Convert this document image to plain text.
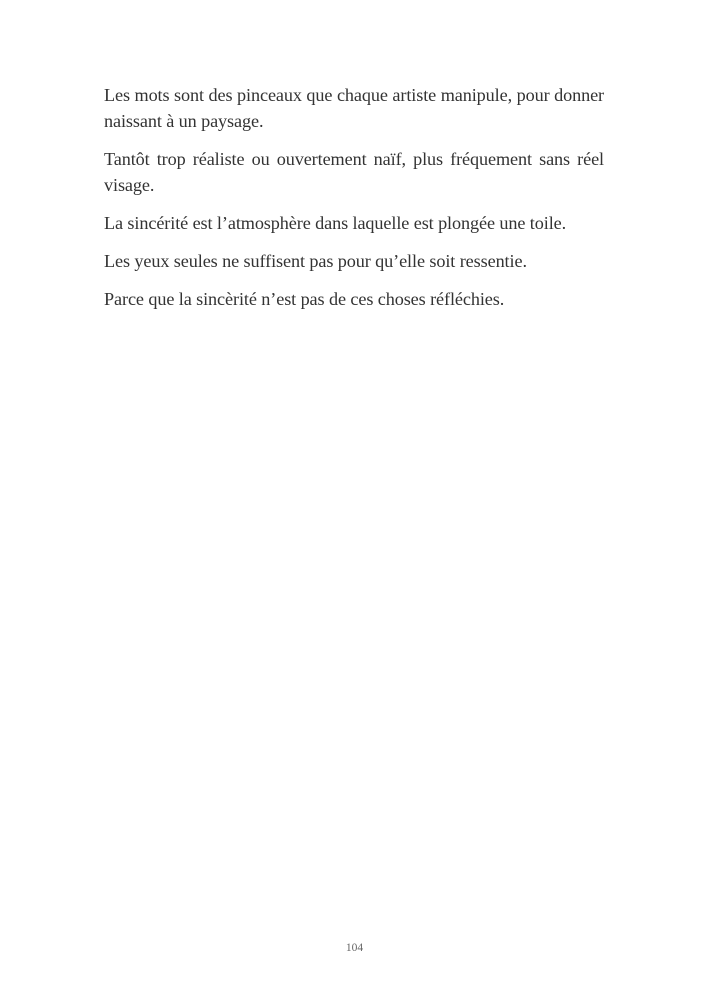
Les mots sont des pinceaux que chaque artiste manipule, pour donner naissant à un paysage.

Tantôt trop réaliste ou ouvertement naïf, plus fréquement sans réel visage.

La sincérité est l’atmosphère dans laquelle est plongée une toile.

Les yeux seules ne suffisent pas pour qu’elle soit ressentie.

Parce que la sincèrité n’est pas de ces choses réfléchies.

104
